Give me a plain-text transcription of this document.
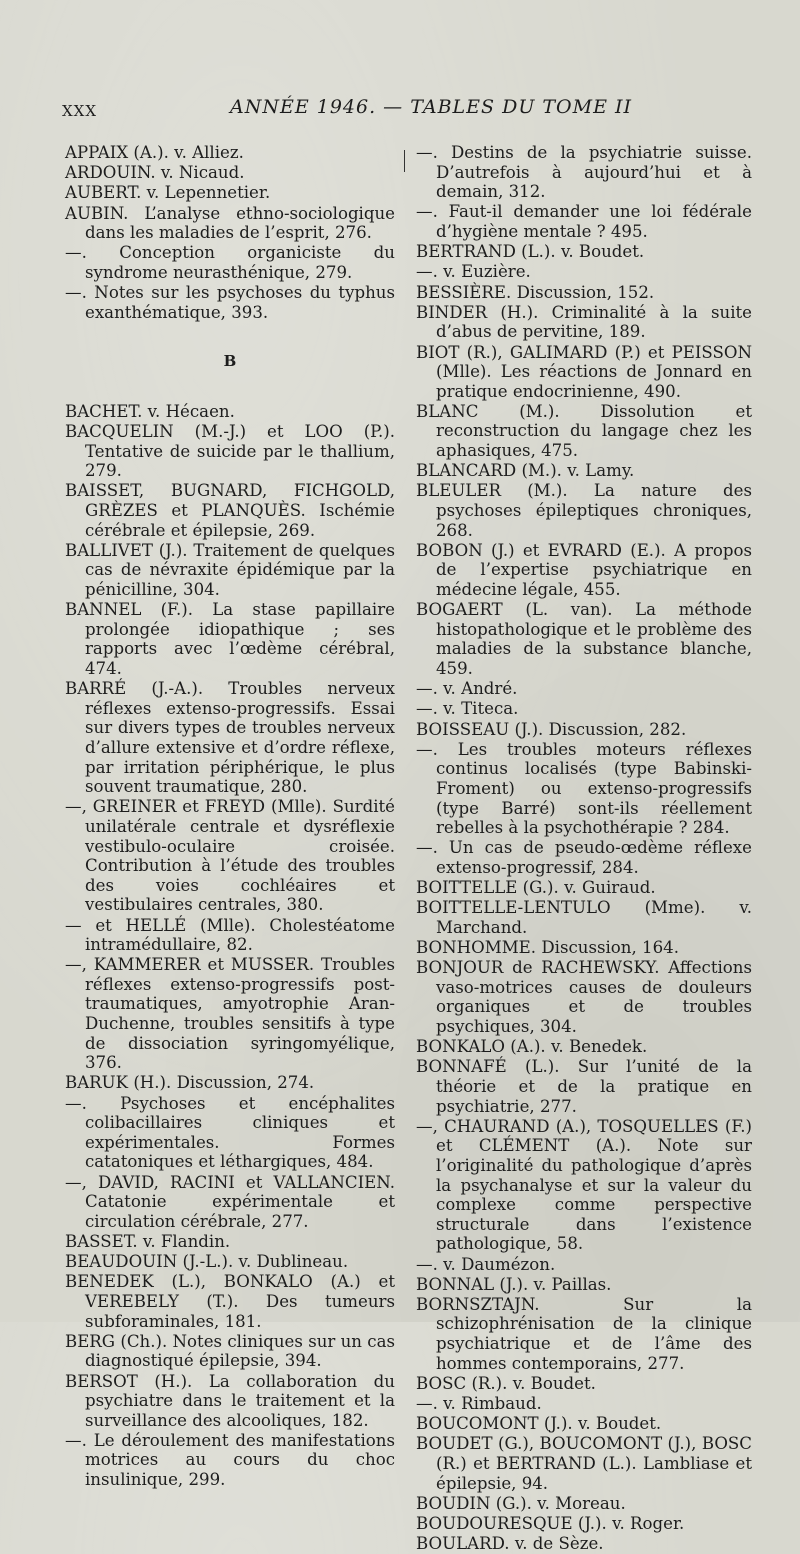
XXX	ANNÉE 1946. — TABLES DU TOME II
APPAIX (A.). v. Alliez.
ARDOUIN. v. Nicaud.
AUBERT. v. Lepennetier.
AUBIN. L’analyse ethno-sociologique dans les maladies de l’esprit, 276.
—. Conception organiciste du syndrome neurasthénique, 279.
—. Notes sur les psychoses du typhus exanthématique, 393.
B
BACHET. v. Hécaen.
BACQUELIN (M.-J.) et LOO (P.). Tentative de suicide par le thallium, 279.
BAISSET, BUGNARD, FICHGOLD, GRÈZES et PLANQUÈS. Ischémie cérébrale et épilepsie, 269.
BALLIVET (J.). Traitement de quelques cas de névraxite épidémique par la pénicilline, 304.
BANNEL (F.). La stase papillaire prolongée idiopathique ; ses rapports avec l’œdème cérébral, 474.
BARRÉ (J.-A.). Troubles nerveux réflexes extenso-progressifs. Essai sur divers types de troubles nerveux d’allure extensive et d’ordre réflexe, par irritation périphérique, le plus souvent traumatique, 280.
—, GREINER et FREYD (Mlle). Surdité unilatérale centrale et dysréflexie vestibulo-oculaire croisée. Contribution à l’étude des troubles des voies cochléaires et vestibulaires centrales, 380.
— et HELLÉ (Mlle). Cholestéatome intramédullaire, 82.
—, KAMMERER et MUSSER. Troubles réflexes extenso-progressifs post-traumatiques, amyotrophie Aran-Duchenne, troubles sensitifs à type de dissociation syringomyélique, 376.
BARUK (H.). Discussion, 274.
—. Psychoses et encéphalites colibacillaires cliniques et expérimentales. Formes catatoniques et léthargiques, 484.
—, DAVID, RACINI et VALLANCIEN. Catatonie expérimentale et circulation cérébrale, 277.
BASSET. v. Flandin.
BEAUDOUIN (J.-L.). v. Dublineau.
BENEDEK (L.), BONKALO (A.) et VEREBELY (T.). Des tumeurs subforaminales, 181.
BERG (Ch.). Notes cliniques sur un cas diagnostiqué épilepsie, 394.
BERSOT (H.). La collaboration du psychiatre dans le traitement et la surveillance des alcooliques, 182.
—. Le déroulement des manifestations motrices au cours du choc insulinique, 299.
—. Destins de la psychiatrie suisse. D’autrefois à aujourd’hui et à demain, 312.
—. Faut-il demander une loi fédérale d’hygiène mentale ? 495.
BERTRAND (L.). v. Boudet.
—. v. Euzière.
BESSIÈRE. Discussion, 152.
BINDER (H.). Criminalité à la suite d’abus de pervitine, 189.
BIOT (R.), GALIMARD (P.) et PEISSON (Mlle). Les réactions de Jonnard en pratique endocrinienne, 490.
BLANC (M.). Dissolution et reconstruction du langage chez les aphasiques, 475.
BLANCARD (M.). v. Lamy.
BLEULER (M.). La nature des psychoses épileptiques chroniques, 268.
BOBON (J.) et EVRARD (E.). A propos de l’expertise psychiatrique en médecine légale, 455.
BOGAERT (L. van). La méthode histopathologique et le problème des maladies de la substance blanche, 459.
—. v. André.
—. v. Titeca.
BOISSEAU (J.). Discussion, 282.
—. Les troubles moteurs réflexes continus localisés (type Babinski-Froment) ou extenso-progressifs (type Barré) sont-ils réellement rebelles à la psychothérapie ? 284.
—. Un cas de pseudo-œdème réflexe extenso-progressif, 284.
BOITTELLE (G.). v. Guiraud.
BOITTELLE-LENTULO (Mme). v. Marchand.
BONHOMME. Discussion, 164.
BONJOUR de RACHEWSKY. Affections vaso-motrices causes de douleurs organiques et de troubles psychiques, 304.
BONKALO (A.). v. Benedek.
BONNAFÉ (L.). Sur l’unité de la théorie et de la pratique en psychiatrie, 277.
—, CHAURAND (A.), TOSQUELLES (F.) et CLÉMENT (A.). Note sur l’originalité du pathologique d’après la psychanalyse et sur la valeur du complexe comme perspective structurale dans l’existence pathologique, 58.
—. v. Daumézon.
BONNAL (J.). v. Paillas.
BORNSZTAJN. Sur la schizophrénisation de la clinique psychiatrique et de l’âme des hommes contemporains, 277.
BOSC (R.). v. Boudet.
—. v. Rimbaud.
BOUCOMONT (J.). v. Boudet.
BOUDET (G.), BOUCOMONT (J.), BOSC (R.) et BERTRAND (L.). Lambliase et épilepsie, 94.
BOUDIN (G.). v. Moreau.
BOUDOURESQUE (J.). v. Roger.
BOULARD. v. de Sèze.
